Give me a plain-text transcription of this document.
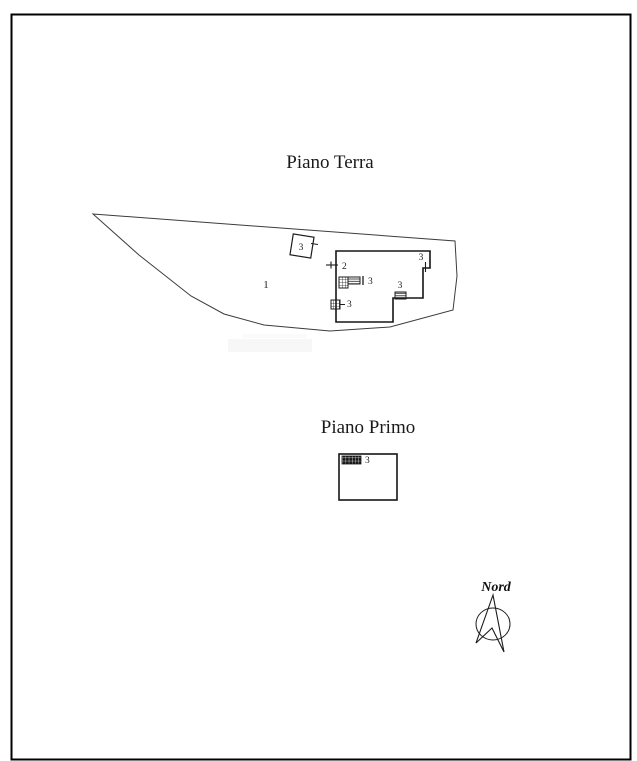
Piano Terra
1
3
2
3
3
3
3
Piano Primo
3
Nord
